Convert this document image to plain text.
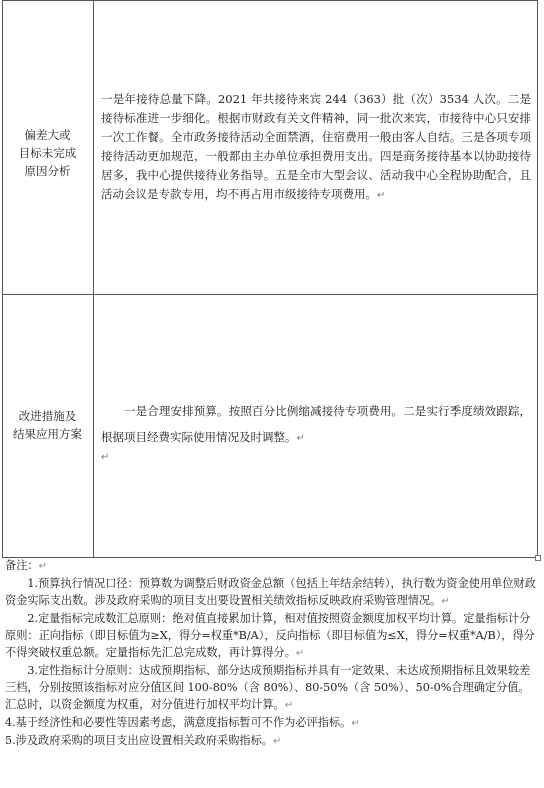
偏差大或
目标未完成
原因分析
一是年接待总量下降。2021 年共接待来宾 244（363）批（次）3534 人次。二是接待标准进一步细化。根据市财政有关文件精神，同一批次来宾，市接待中心只安排一次工作餐。全市政务接待活动全面禁酒，住宿费用一般由客人自结。三是各项专项接待活动更加规范，一般都由主办单位承担费用支出。四是商务接待基本以协助接待居多，我中心提供接待业务指导。五是全市大型会议、活动我中心全程协助配合，且活动会议是专款专用，均不再占用市级接待专项费用。↵
改进措施及
结果应用方案
一是合理安排预算。按照百分比例缩减接待专项费用。二是实行季度绩效跟踪，根据项目经费实际使用情况及时调整。↵
↵

备注：↵

1.预算执行情况口径：预算数为调整后财政资金总额（包括上年结余结转），执行数为资金使用单位财政资金实际支出数。涉及政府采购的项目支出要设置相关绩效指标反映政府采购管理情况。↵

2.定量指标完成数汇总原则：绝对值直接累加计算，相对值按照资金额度加权平均计算。定量指标计分原则：正向指标（即目标值为≥X，得分=权重*B/A），反向指标（即目标值为≤X，得分=权重*A/B），得分不得突破权重总额。定量指标先汇总完成数，再计算得分。↵

3.定性指标计分原则：达成预期指标、部分达成预期指标并具有一定效果、未达成预期指标且效果较差三档，分别按照该指标对应分值区间 100-80%（含 80%）、80-50%（含 50%）、50-0%合理确定分值。汇总时，以资金额度为权重，对分值进行加权平均计算。↵

4.基于经济性和必要性等因素考虑，满意度指标暂可不作为必评指标。↵

5.涉及政府采购的项目支出应设置相关政府采购指标。↵
